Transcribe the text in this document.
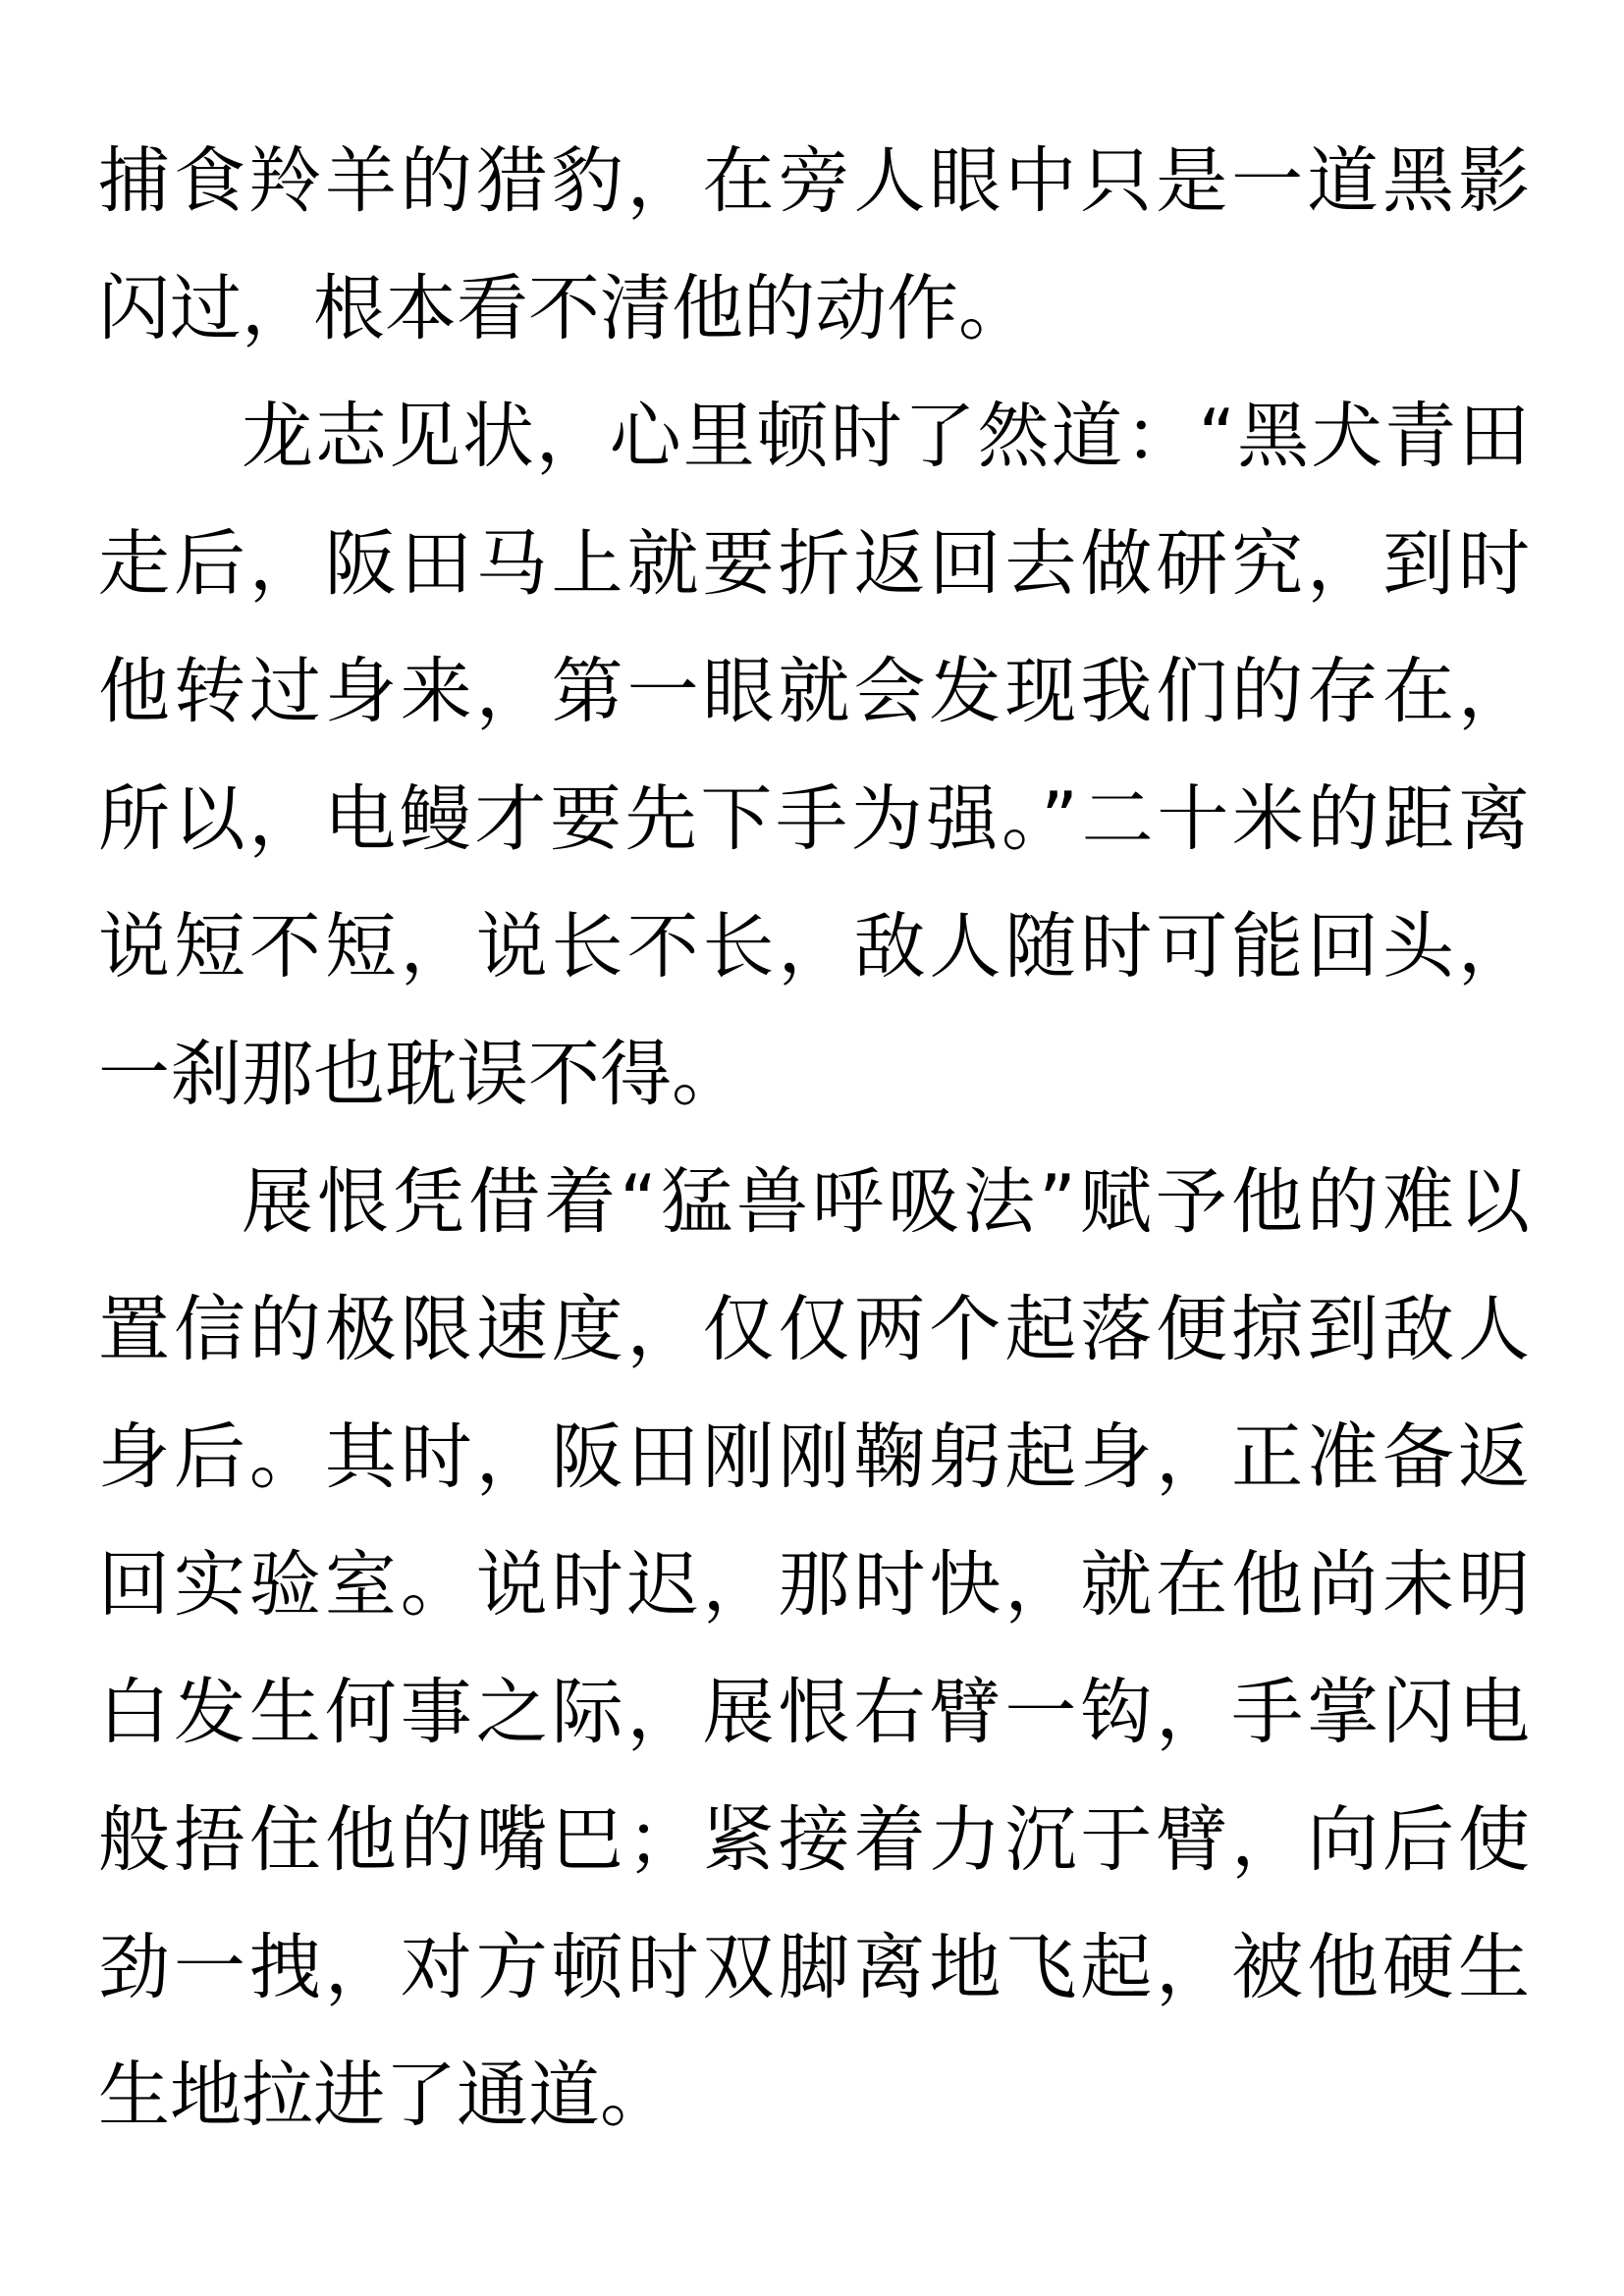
捕食羚羊的猎豹，在旁人眼中只是一道黑影闪过，根本看不清他的动作。

龙志见状，心里顿时了然道：“黑犬青田走后，阪田马上就要折返回去做研究，到时他转过身来，第一眼就会发现我们的存在，所以，电鳗才要先下手为强。”二十米的距离说短不短，说长不长，敌人随时可能回头，一刹那也耽误不得。

展恨凭借着“猛兽呼吸法”赋予他的难以置信的极限速度，仅仅两个起落便掠到敌人身后。其时，阪田刚刚鞠躬起身，正准备返回实验室。说时迟，那时快，就在他尚未明白发生何事之际，展恨右臂一钩，手掌闪电般捂住他的嘴巴；紧接着力沉于臂，向后使劲一拽，对方顿时双脚离地飞起，被他硬生生地拉进了通道。
